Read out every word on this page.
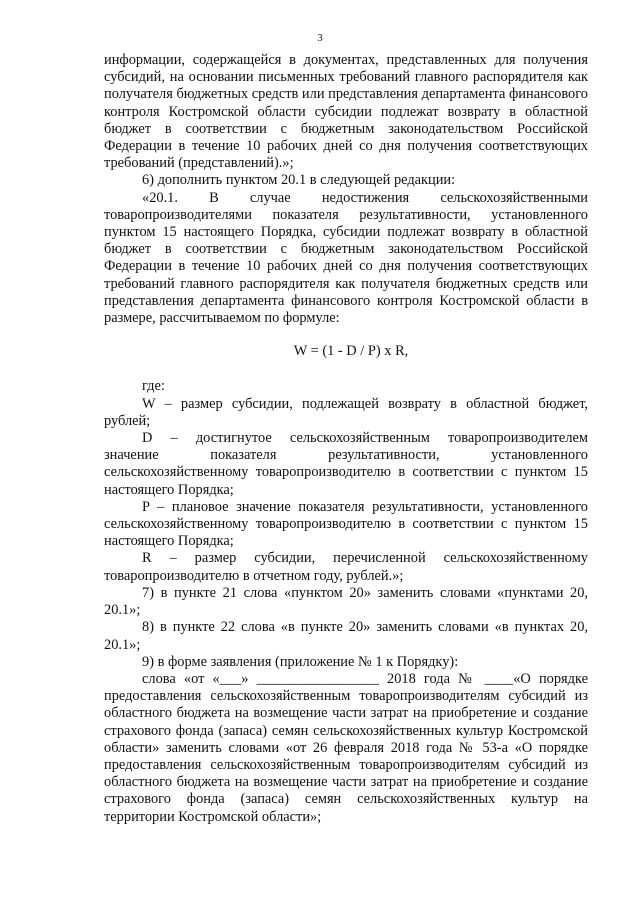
3

информации, содержащейся в документах, представленных для получения субсидий, на основании письменных требований главного распорядителя как получателя бюджетных средств или представления департамента финансового контроля Костромской области субсидии подлежат возврату в областной бюджет в соответствии с бюджетным законодательством Российской Федерации в течение 10 рабочих дней со дня получения соответствующих требований (представлений).»;

6) дополнить пунктом 20.1 в следующей редакции:

«20.1. В случае недостижения сельскохозяйственными товаропроизводителями показателя результативности, установленного пунктом 15 настоящего Порядка, субсидии подлежат возврату в областной бюджет в соответствии с бюджетным законодательством Российской Федерации в течение 10 рабочих дней со дня получения соответствующих требований главного распорядителя как получателя бюджетных средств или представления департамента финансового контроля Костромской области в размере, рассчитываемом по формуле:

W = (1 - D / P) x R,

где:

W – размер субсидии, подлежащей возврату в областной бюджет, рублей;

D – достигнутое сельскохозяйственным товаропроизводителем значение показателя результативности, установленного сельскохозяйственному товаропроизводителю в соответствии с пунктом 15 настоящего Порядка;

P – плановое значение показателя результативности, установленного сельскохозяйственному товаропроизводителю в соответствии с пунктом 15 настоящего Порядка;

R – размер субсидии, перечисленной сельскохозяйственному товаропроизводителю в отчетном году, рублей.»;

7) в пункте 21 слова «пунктом 20» заменить словами «пунктами 20, 20.1»;

8) в пункте 22 слова «в пункте 20» заменить словами «в пунктах 20, 20.1»;

9) в форме заявления (приложение № 1 к Порядку):

слова «от «___» _________________ 2018 года № ____«О порядке предоставления сельскохозяйственным товаропроизводителям субсидий из областного бюджета на возмещение части затрат на приобретение и создание страхового фонда (запаса) семян сельскохозяйственных культур Костромской области» заменить словами «от 26 февраля 2018 года № 53-а «О порядке предоставления сельскохозяйственным товаропроизводителям субсидий из областного бюджета на возмещение части затрат на приобретение и создание страхового фонда (запаса) семян сельскохозяйственных культур на территории Костромской области»;
